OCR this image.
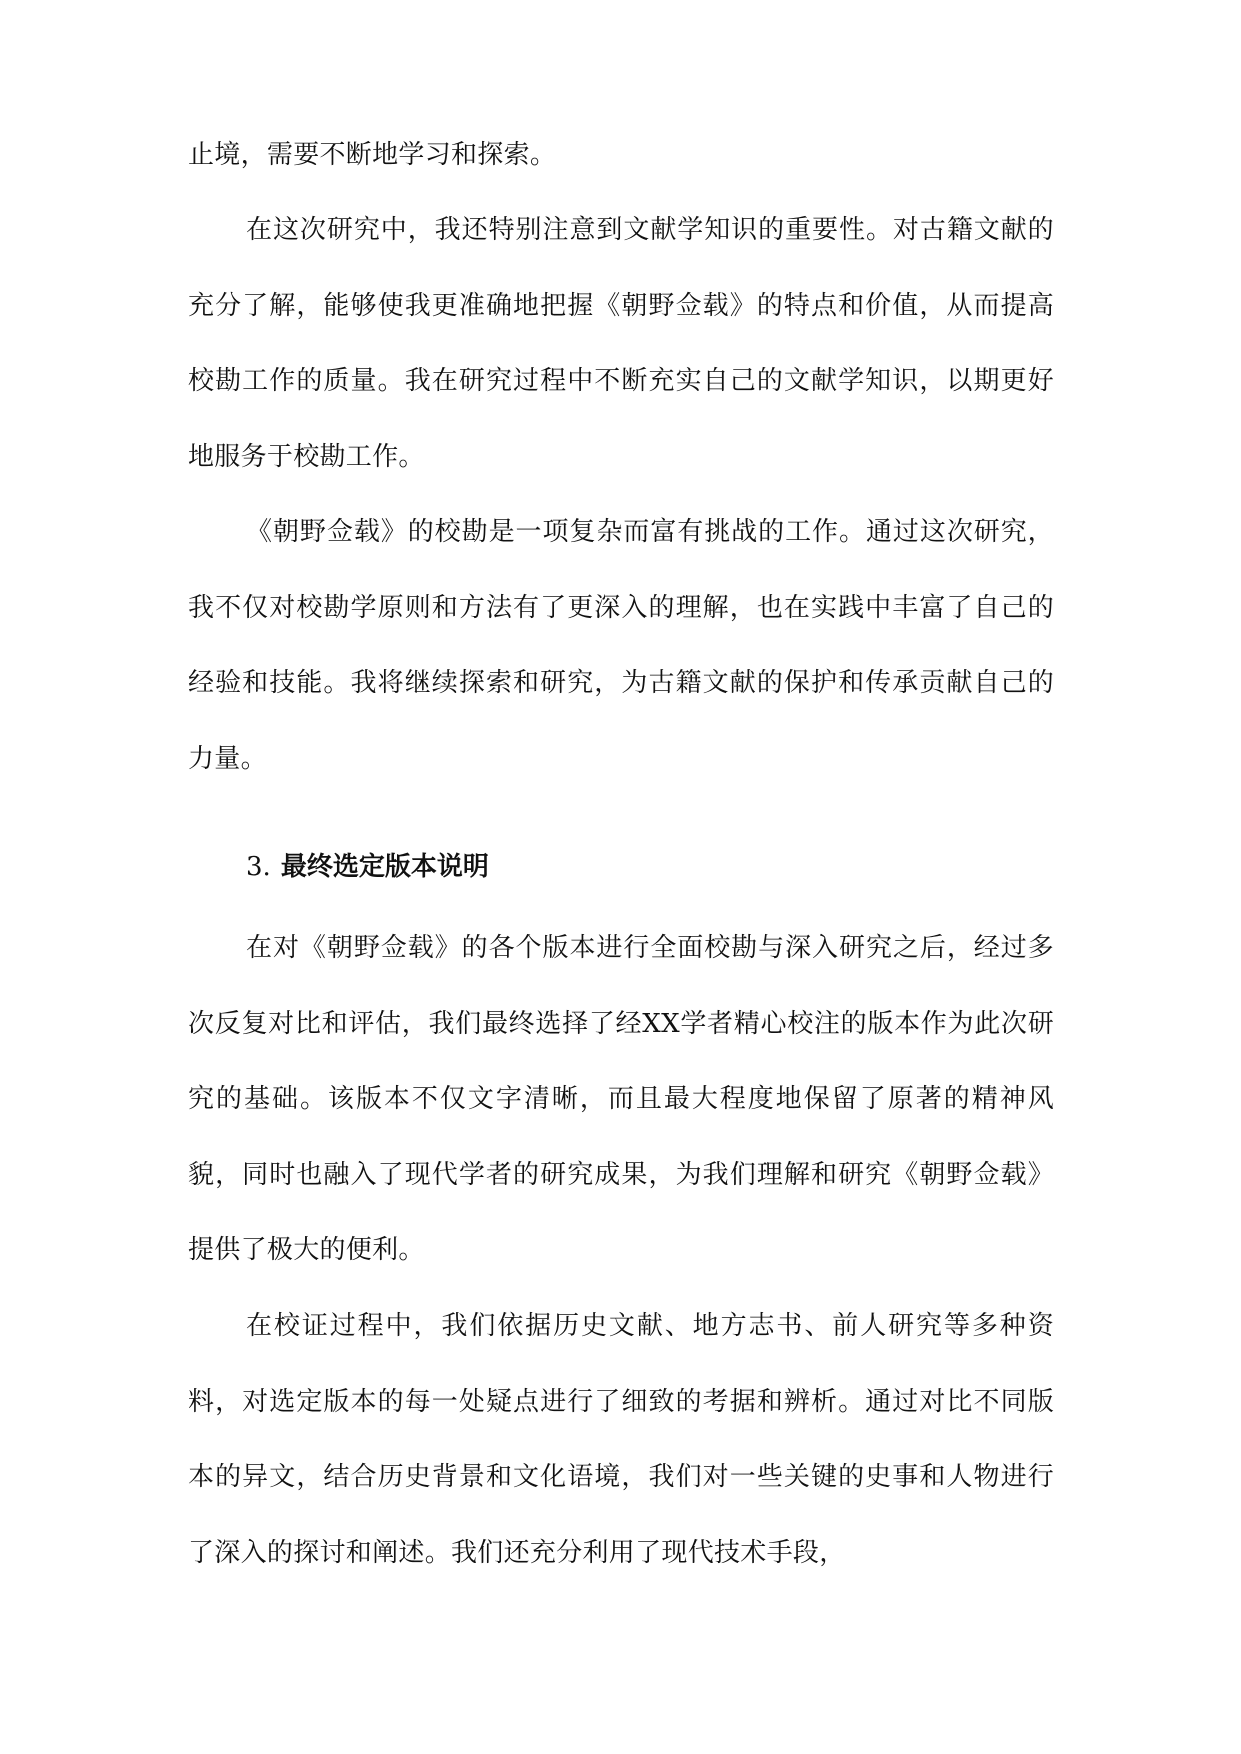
止境，需要不断地学习和探索。

在这次研究中，我还特别注意到文献学知识的重要性。对古籍文献的充分了解，能够使我更准确地把握《朝野佥载》的特点和价值，从而提高校勘工作的质量。我在研究过程中不断充实自己的文献学知识，以期更好地服务于校勘工作。

《朝野佥载》的校勘是一项复杂而富有挑战的工作。通过这次研究，我不仅对校勘学原则和方法有了更深入的理解，也在实践中丰富了自己的经验和技能。我将继续探索和研究，为古籍文献的保护和传承贡献自己的力量。

3. 最终选定版本说明

在对《朝野佥载》的各个版本进行全面校勘与深入研究之后，经过多次反复对比和评估，我们最终选择了经XX学者精心校注的版本作为此次研究的基础。该版本不仅文字清晰，而且最大程度地保留了原著的精神风貌，同时也融入了现代学者的研究成果，为我们理解和研究《朝野佥载》提供了极大的便利。

在校证过程中，我们依据历史文献、地方志书、前人研究等多种资料，对选定版本的每一处疑点进行了细致的考据和辨析。通过对比不同版本的异文，结合历史背景和文化语境，我们对一些关键的史事和人物进行了深入的探讨和阐述。我们还充分利用了现代技术手段，
